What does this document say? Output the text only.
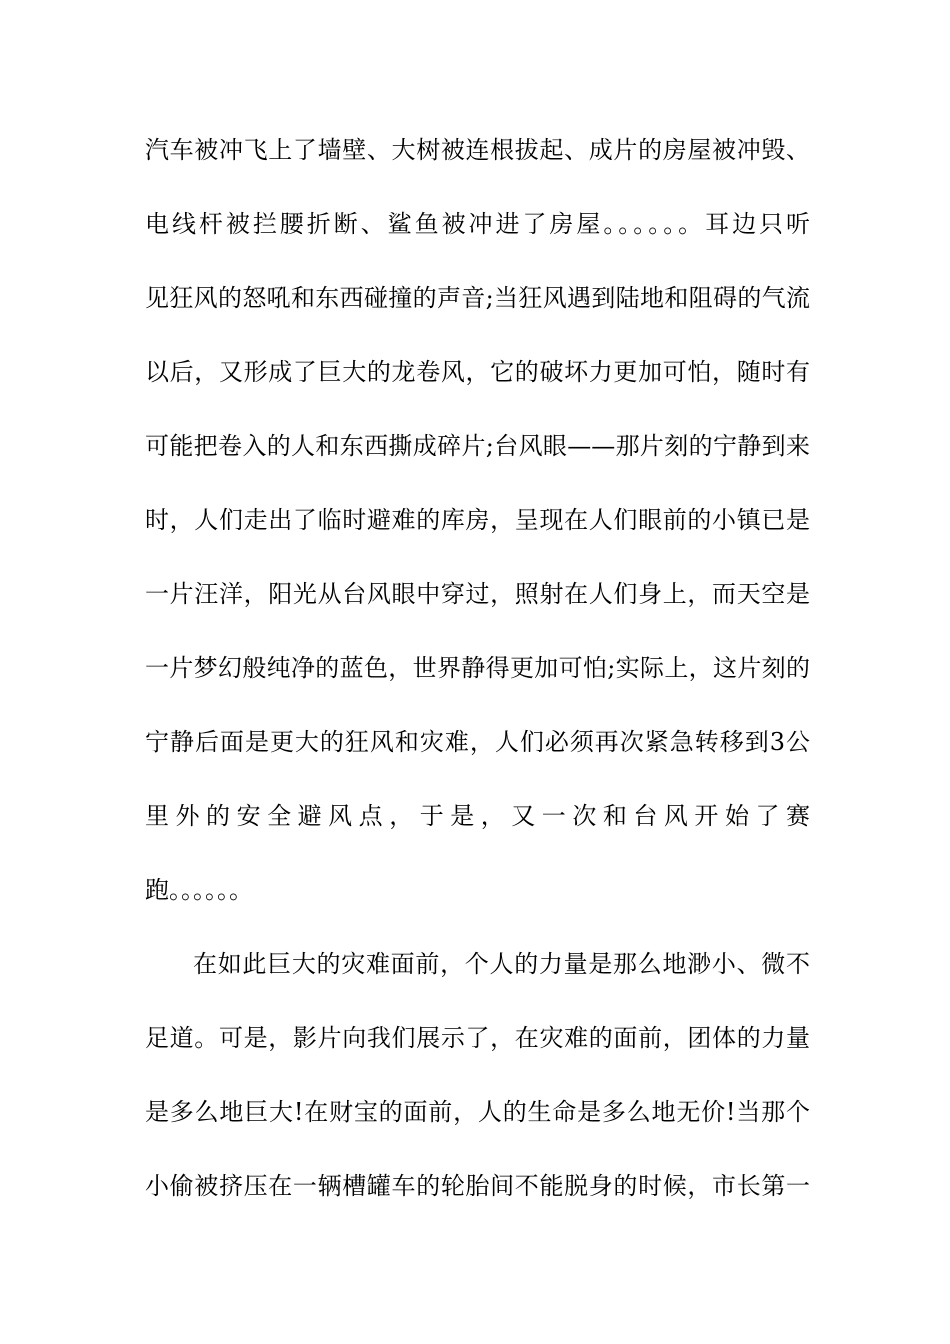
汽车被冲飞上了墙壁、大树被连根拔起、成片的房屋被冲毁、
电线杆被拦腰折断、鲨鱼被冲进了房屋。。。。。。耳边只听
见狂风的怒吼和东西碰撞的声音;当狂风遇到陆地和阻碍的气流
以后，又形成了巨大的龙卷风，它的破坏力更加可怕，随时有
可能把卷入的人和东西撕成碎片;台风眼——那片刻的宁静到来
时，人们走出了临时避难的库房，呈现在人们眼前的小镇已是
一片汪洋，阳光从台风眼中穿过，照射在人们身上，而天空是
一片梦幻般纯净的蓝色，世界静得更加可怕;实际上，这片刻的
宁静后面是更大的狂风和灾难，人们必须再次紧急转移到3公
里外的安全避风点，于是，又一次和台风开始了赛
跑。。。。。。
在如此巨大的灾难面前，个人的力量是那么地渺小、微不
足道。可是，影片向我们展示了，在灾难的面前，团体的力量
是多么地巨大!在财宝的面前，人的生命是多么地无价!当那个
小偷被挤压在一辆槽罐车的轮胎间不能脱身的时候，市长第一
